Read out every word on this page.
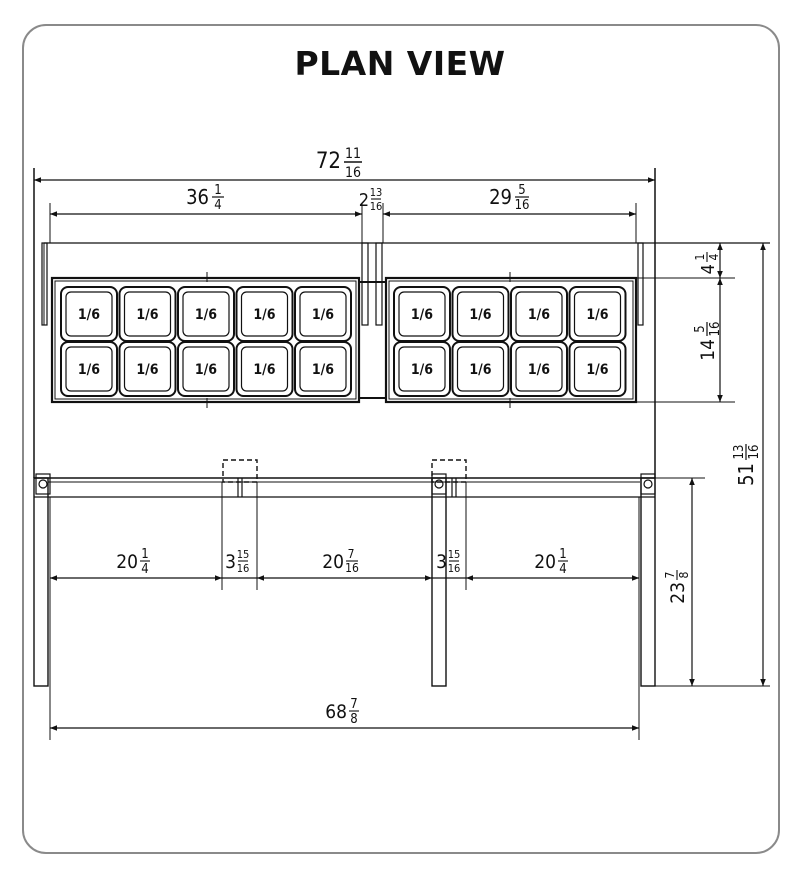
PLAN VIEW
1/6	1/6	1/6	1/6	1/6
1/6	1/6	1/6	1/6	1/6
1/6	1/6	1/6	1/6
1/6	1/6	1/6	1/6
72 11
16
36 1
4	2 13
16	29 5
16
4
1 4
14
5 16
51
13 16
23
7 8
20 1
4	3 15
16	20 7
16	3 15
16	20 1
4
68 7
8
